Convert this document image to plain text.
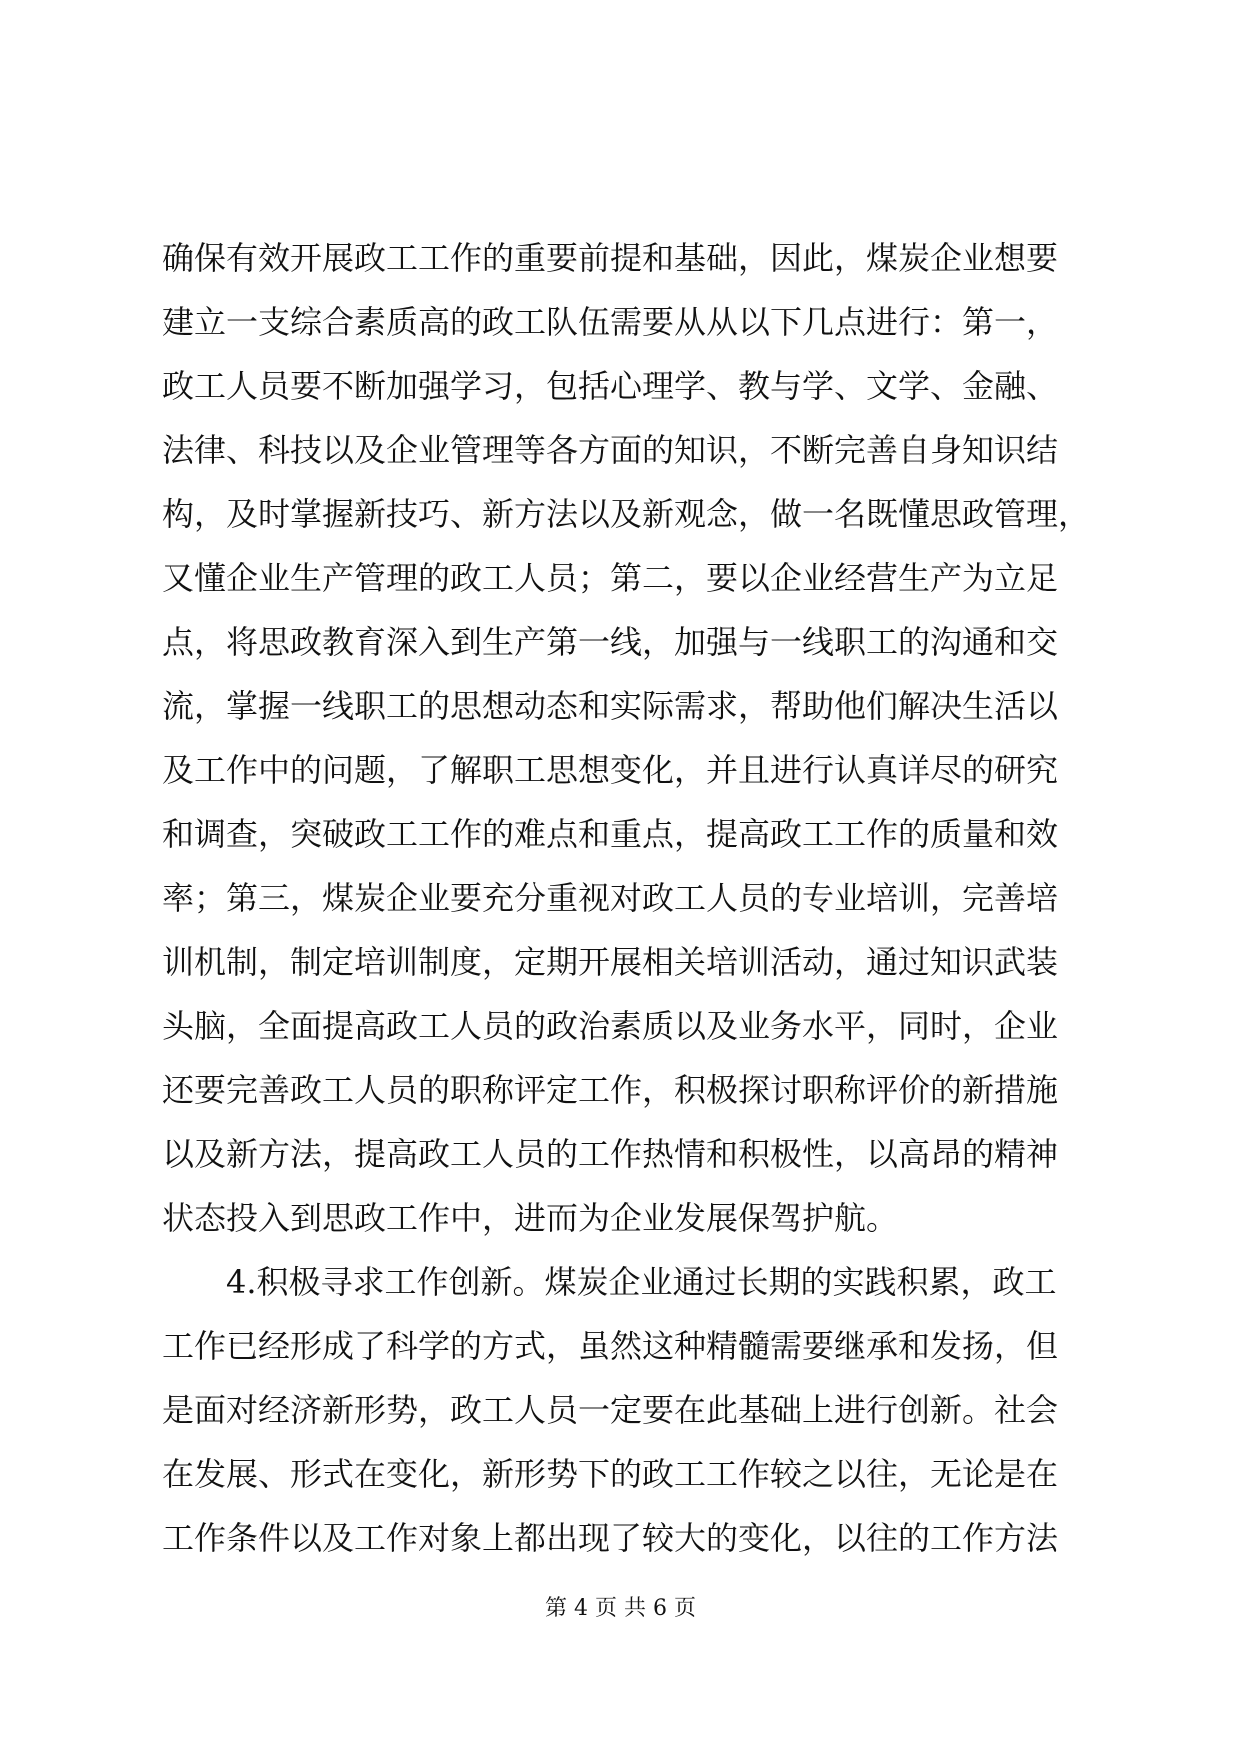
确保有效开展政工工作的重要前提和基础，因此，煤炭企业想要
建立一支综合素质高的政工队伍需要从从以下几点进行：第一，
政工人员要不断加强学习，包括心理学、教与学、文学、金融、
法律、科技以及企业管理等各方面的知识，不断完善自身知识结
构，及时掌握新技巧、新方法以及新观念，做一名既懂思政管理，
又懂企业生产管理的政工人员；第二，要以企业经营生产为立足
点，将思政教育深入到生产第一线，加强与一线职工的沟通和交
流，掌握一线职工的思想动态和实际需求，帮助他们解决生活以
及工作中的问题，了解职工思想变化，并且进行认真详尽的研究
和调查，突破政工工作的难点和重点，提高政工工作的质量和效
率；第三，煤炭企业要充分重视对政工人员的专业培训，完善培
训机制，制定培训制度，定期开展相关培训活动，通过知识武装
头脑，全面提高政工人员的政治素质以及业务水平，同时，企业
还要完善政工人员的职称评定工作，积极探讨职称评价的新措施
以及新方法，提高政工人员的工作热情和积极性，以高昂的精神
状态投入到思政工作中，进而为企业发展保驾护航。
4.积极寻求工作创新。煤炭企业通过长期的实践积累，政工
工作已经形成了科学的方式，虽然这种精髓需要继承和发扬，但
是面对经济新形势，政工人员一定要在此基础上进行创新。社会
在发展、形式在变化，新形势下的政工工作较之以往，无论是在
工作条件以及工作对象上都出现了较大的变化，以往的工作方法
第 4 页 共 6 页
